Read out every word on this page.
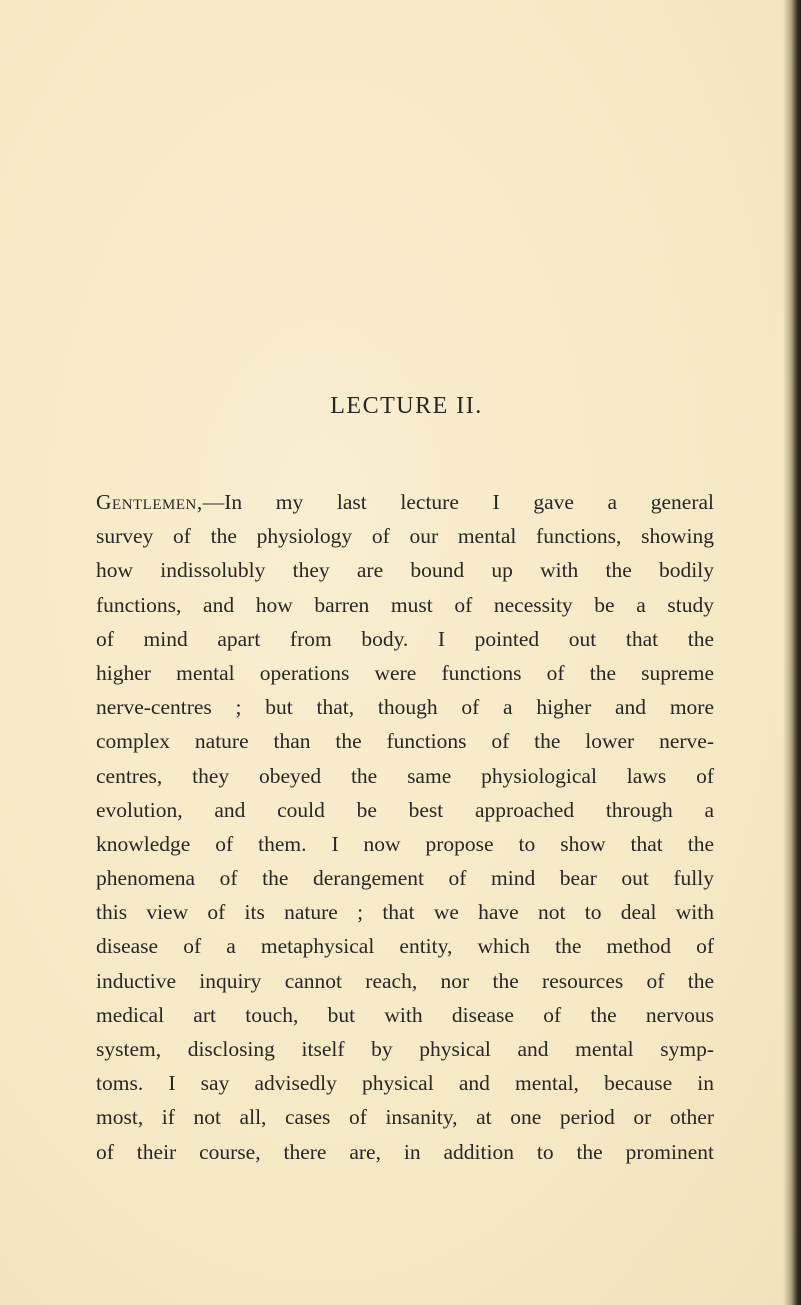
LECTURE II.
Gentlemen,—In my last lecture I gave a general
survey of the physiology of our mental functions, showing
how indissolubly they are bound up with the bodily
functions, and how barren must of necessity be a study
of mind apart from body. I pointed out that the
higher mental operations were functions of the supreme
nerve-centres ; but that, though of a higher and more
complex nature than the functions of the lower nerve-
centres, they obeyed the same physiological laws of
evolution, and could be best approached through a
knowledge of them. I now propose to show that the
phenomena of the derangement of mind bear out fully
this view of its nature ; that we have not to deal with
disease of a metaphysical entity, which the method of
inductive inquiry cannot reach, nor the resources of the
medical art touch, but with disease of the nervous
system, disclosing itself by physical and mental symp-
toms. I say advisedly physical and mental, because in
most, if not all, cases of insanity, at one period or other
of their course, there are, in addition to the prominent
